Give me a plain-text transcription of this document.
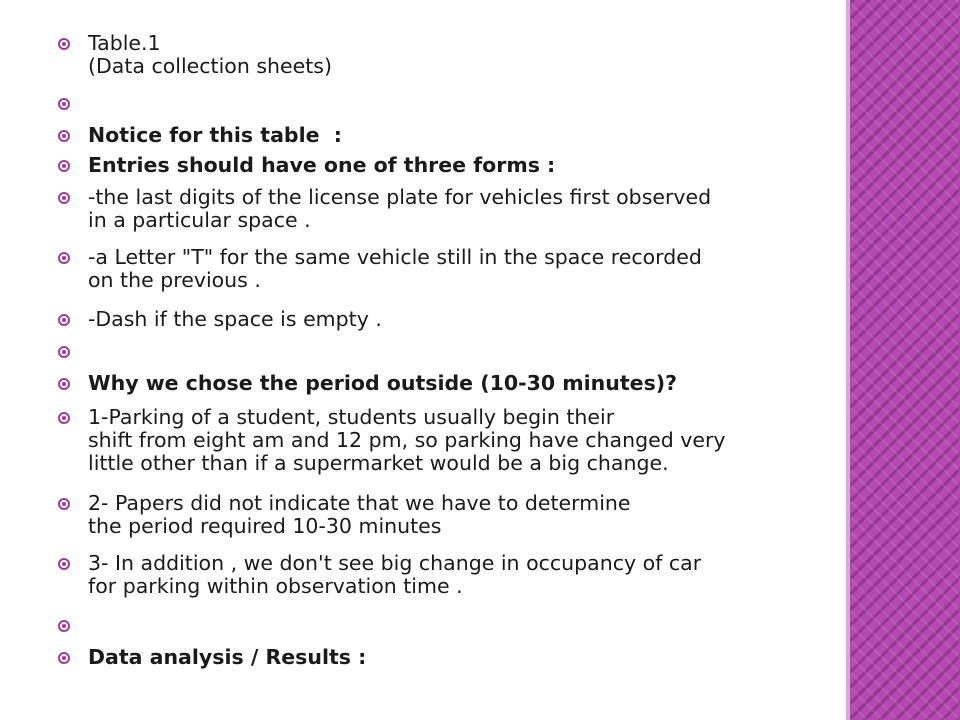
Table.1
(Data collection sheets)
Notice for this table  :
Entries should have one of three forms :
-the last digits of the license plate for vehicles first observed
in a particular space .
-a Letter "T" for the same vehicle still in the space recorded
on the previous .
-Dash if the space is empty .
Why we chose the period outside (10-30 minutes)?
1-Parking of a student, students usually begin their
shift from eight am and 12 pm, so parking have changed very
little other than if a supermarket would be a big change.
2- Papers did not indicate that we have to determine
the period required 10-30 minutes
3- In addition , we don't see big change in occupancy of car
for parking within observation time .
Data analysis / Results :
